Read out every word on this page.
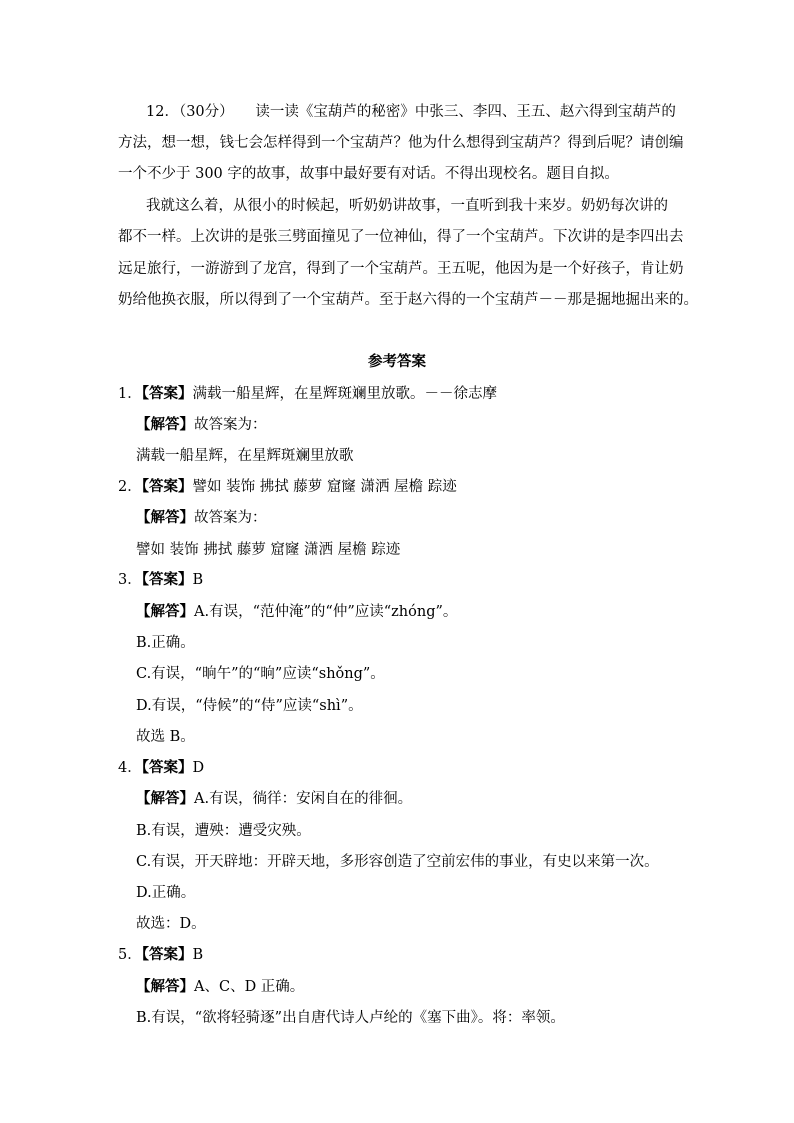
12．（30分）　　读一读《宝葫芦的秘密》中张三、李四、王五、赵六得到宝葫芦的
方法，想一想，钱七会怎样得到一个宝葫芦？他为什么想得到宝葫芦？得到后呢？请创编
一个不少于 300 字的故事，故事中最好要有对话。不得出现校名。题目自拟。
我就这么着，从很小的时候起，听奶奶讲故事，一直听到我十来岁。奶奶每次讲的
都不一样。上次讲的是张三劈面撞见了一位神仙，得了一个宝葫芦。下次讲的是李四出去
远足旅行，一游游到了龙宫，得到了一个宝葫芦。王五呢，他因为是一个好孩子，肯让奶
奶给他换衣服，所以得到了一个宝葫芦。至于赵六得的一个宝葫芦－－那是掘地掘出来的。
参考答案
1．【答案】满载一船星辉，在星辉斑斓里放歌。－－徐志摩
【解答】故答案为：
满载一船星辉，在星辉斑斓里放歌
2．【答案】譬如 装饰 拂拭 藤萝 窟窿 潇洒 屋檐 踪迹
【解答】故答案为：
譬如 装饰 拂拭 藤萝 窟窿 潇洒 屋檐 踪迹
3．【答案】B
【解答】A.有误，“范仲淹”的“仲”应读“zhóng”。
B.正确。
C.有误，“晌午”的“晌”应读“shǒng”。
D.有误，“侍候”的“侍”应读“shì”。
故选 B。
4．【答案】D
【解答】A.有误，徜徉：安闲自在的徘徊。
B.有误，遭殃：遭受灾殃。
C.有误，开天辟地：开辟天地，多形容创造了空前宏伟的事业，有史以来第一次。
D.正确。
故选：D。
5．【答案】B
【解答】A、C、D 正确。
B.有误，“欲将轻骑逐”出自唐代诗人卢纶的《塞下曲》。将：率领。
